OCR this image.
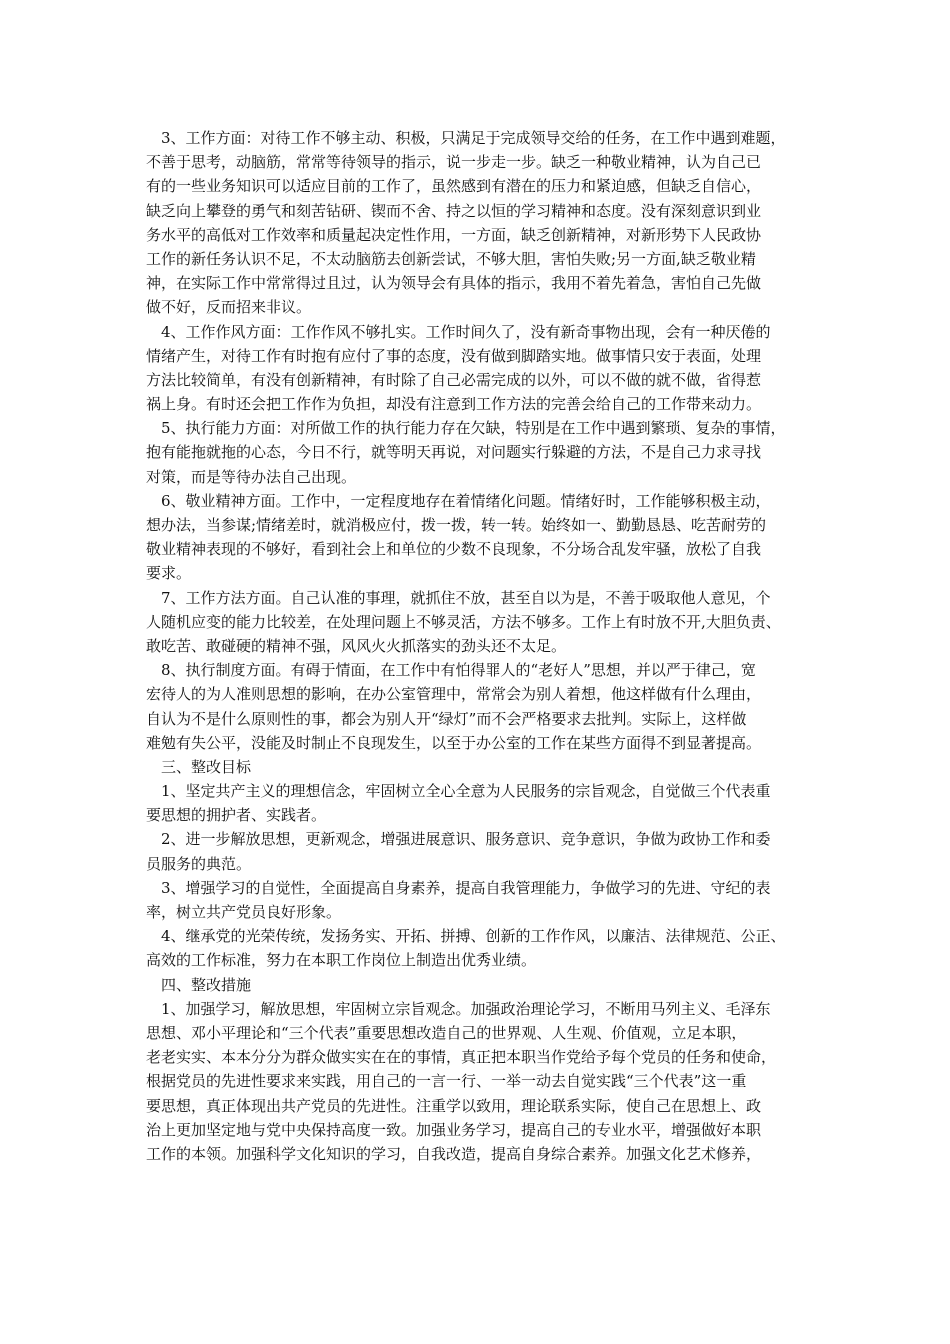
3、工作方面：对待工作不够主动、积极，只满足于完成领导交给的任务，在工作中遇到难题，
不善于思考，动脑筋，常常等待领导的指示，说一步走一步。缺乏一种敬业精神，认为自己已
有的一些业务知识可以适应目前的工作了，虽然感到有潜在的压力和紧迫感，但缺乏自信心，
缺乏向上攀登的勇气和刻苦钻研、锲而不舍、持之以恒的学习精神和态度。没有深刻意识到业
务水平的高低对工作效率和质量起决定性作用，一方面，缺乏创新精神，对新形势下人民政协
工作的新任务认识不足，不太动脑筋去创新尝试，不够大胆，害怕失败;另一方面,缺乏敬业精
神，在实际工作中常常得过且过，认为领导会有具体的指示，我用不着先着急，害怕自己先做
做不好，反而招来非议。
4、工作作风方面：工作作风不够扎实。工作时间久了，没有新奇事物出现，会有一种厌倦的
情绪产生，对待工作有时抱有应付了事的态度，没有做到脚踏实地。做事情只安于表面，处理
方法比较简单，有没有创新精神，有时除了自己必需完成的以外，可以不做的就不做，省得惹
祸上身。有时还会把工作作为负担，却没有注意到工作方法的完善会给自己的工作带来动力。
5、执行能力方面：对所做工作的执行能力存在欠缺，特别是在工作中遇到繁琐、复杂的事情，
抱有能拖就拖的心态，今日不行，就等明天再说，对问题实行躲避的方法，不是自己力求寻找
对策，而是等待办法自己出现。
6、敬业精神方面。工作中，一定程度地存在着情绪化问题。情绪好时，工作能够积极主动，
想办法，当参谋;情绪差时，就消极应付，拨一拨，转一转。始终如一、勤勤恳恳、吃苦耐劳的
敬业精神表现的不够好，看到社会上和单位的少数不良现象，不分场合乱发牢骚，放松了自我
要求。
7、工作方法方面。自己认准的事理，就抓住不放，甚至自以为是，不善于吸取他人意见，个
人随机应变的能力比较差，在处理问题上不够灵活，方法不够多。工作上有时放不开,大胆负责、
敢吃苦、敢碰硬的精神不强，风风火火抓落实的劲头还不太足。
8、执行制度方面。有碍于情面，在工作中有怕得罪人的“老好人”思想，并以严于律己，宽
宏待人的为人准则思想的影响，在办公室管理中，常常会为别人着想，他这样做有什么理由，
自认为不是什么原则性的事，都会为别人开“绿灯”而不会严格要求去批判。实际上，这样做
难勉有失公平，没能及时制止不良现发生，以至于办公室的工作在某些方面得不到显著提高。
三、整改目标
1、坚定共产主义的理想信念，牢固树立全心全意为人民服务的宗旨观念，自觉做三个代表重
要思想的拥护者、实践者。
2、进一步解放思想，更新观念，增强进展意识、服务意识、竞争意识，争做为政协工作和委
员服务的典范。
3、增强学习的自觉性，全面提高自身素养，提高自我管理能力，争做学习的先进、守纪的表
率，树立共产党员良好形象。
4、继承党的光荣传统，发扬务实、开拓、拼搏、创新的工作作风，以廉洁、法律规范、公正、
高效的工作标准，努力在本职工作岗位上制造出优秀业绩。
四、整改措施
1、加强学习，解放思想，牢固树立宗旨观念。加强政治理论学习，不断用马列主义、毛泽东
思想、邓小平理论和“三个代表”重要思想改造自己的世界观、人生观、价值观，立足本职，
老老实实、本本分分为群众做实实在在的事情，真正把本职当作党给予每个党员的任务和使命，
根据党员的先进性要求来实践，用自己的一言一行、一举一动去自觉实践“三个代表”这一重
要思想，真正体现出共产党员的先进性。注重学以致用，理论联系实际，使自己在思想上、政
治上更加坚定地与党中央保持高度一致。加强业务学习，提高自己的专业水平，增强做好本职
工作的本领。加强科学文化知识的学习，自我改造，提高自身综合素养。加强文化艺术修养，
